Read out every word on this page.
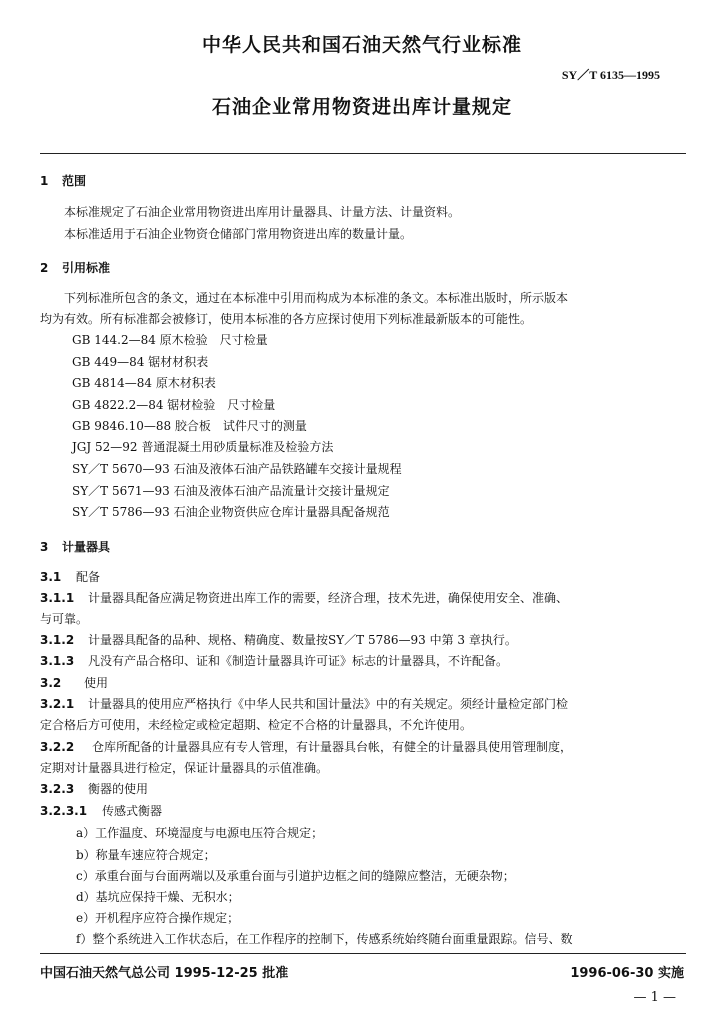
中华人民共和国石油天然气行业标准
SY／T 6135—1995
石油企业常用物资进出库计量规定
1 范围
本标准规定了石油企业常用物资进出库用计量器具、计量方法、计量资料。
本标准适用于石油企业物资仓储部门常用物资进出库的数量计量。
2 引用标准
下列标准所包含的条文，通过在本标准中引用而构成为本标准的条文。本标准出版时，所示版本
均为有效。所有标准都会被修订，使用本标准的各方应探讨使用下列标准最新版本的可能性。
GB 144.2—84 原木检验　尺寸检量
GB 449—84 锯材材积表
GB 4814—84 原木材积表
GB 4822.2—84 锯材检验　尺寸检量
GB 9846.10—88 胶合板　试件尺寸的测量
JGJ 52—92 普通混凝土用砂质量标准及检验方法
SY／T 5670—93 石油及液体石油产品铁路罐车交接计量规程
SY／T 5671—93 石油及液体石油产品流量计交接计量规定
SY／T 5786—93 石油企业物资供应仓库计量器具配备规范
3 计量器具
3.1 配备
3.1.1 计量器具配备应满足物资进出库工作的需要，经济合理，技术先进，确保使用安全、准确、
与可靠。
3.1.2 计量器具配备的品种、规格、精确度、数量按SY／T 5786—93 中第 3 章执行。
3.1.3 凡没有产品合格印、证和《制造计量器具许可证》标志的计量器具，不许配备。
3.2 使用
3.2.1 计量器具的使用应严格执行《中华人民共和国计量法》中的有关规定。须经计量检定部门检
定合格后方可使用，未经检定或检定超期、检定不合格的计量器具，不允许使用。
3.2.2 仓库所配备的计量器具应有专人管理，有计量器具台帐，有健全的计量器具使用管理制度，
定期对计量器具进行检定，保证计量器具的示值准确。
3.2.3 衡器的使用
3.2.3.1 传感式衡器
a）工作温度、环境湿度与电源电压符合规定；
b）称量车速应符合规定；
c）承重台面与台面两端以及承重台面与引道护边框之间的缝隙应整洁，无硬杂物；
d）基坑应保持干燥、无积水；
e）开机程序应符合操作规定；
f）整个系统进入工作状态后，在工作程序的控制下，传感系统始终随台面重量跟踪。信号、数
中国石油天然气总公司 1995-12-25 批准	1996-06-30 实施
— 1 —
